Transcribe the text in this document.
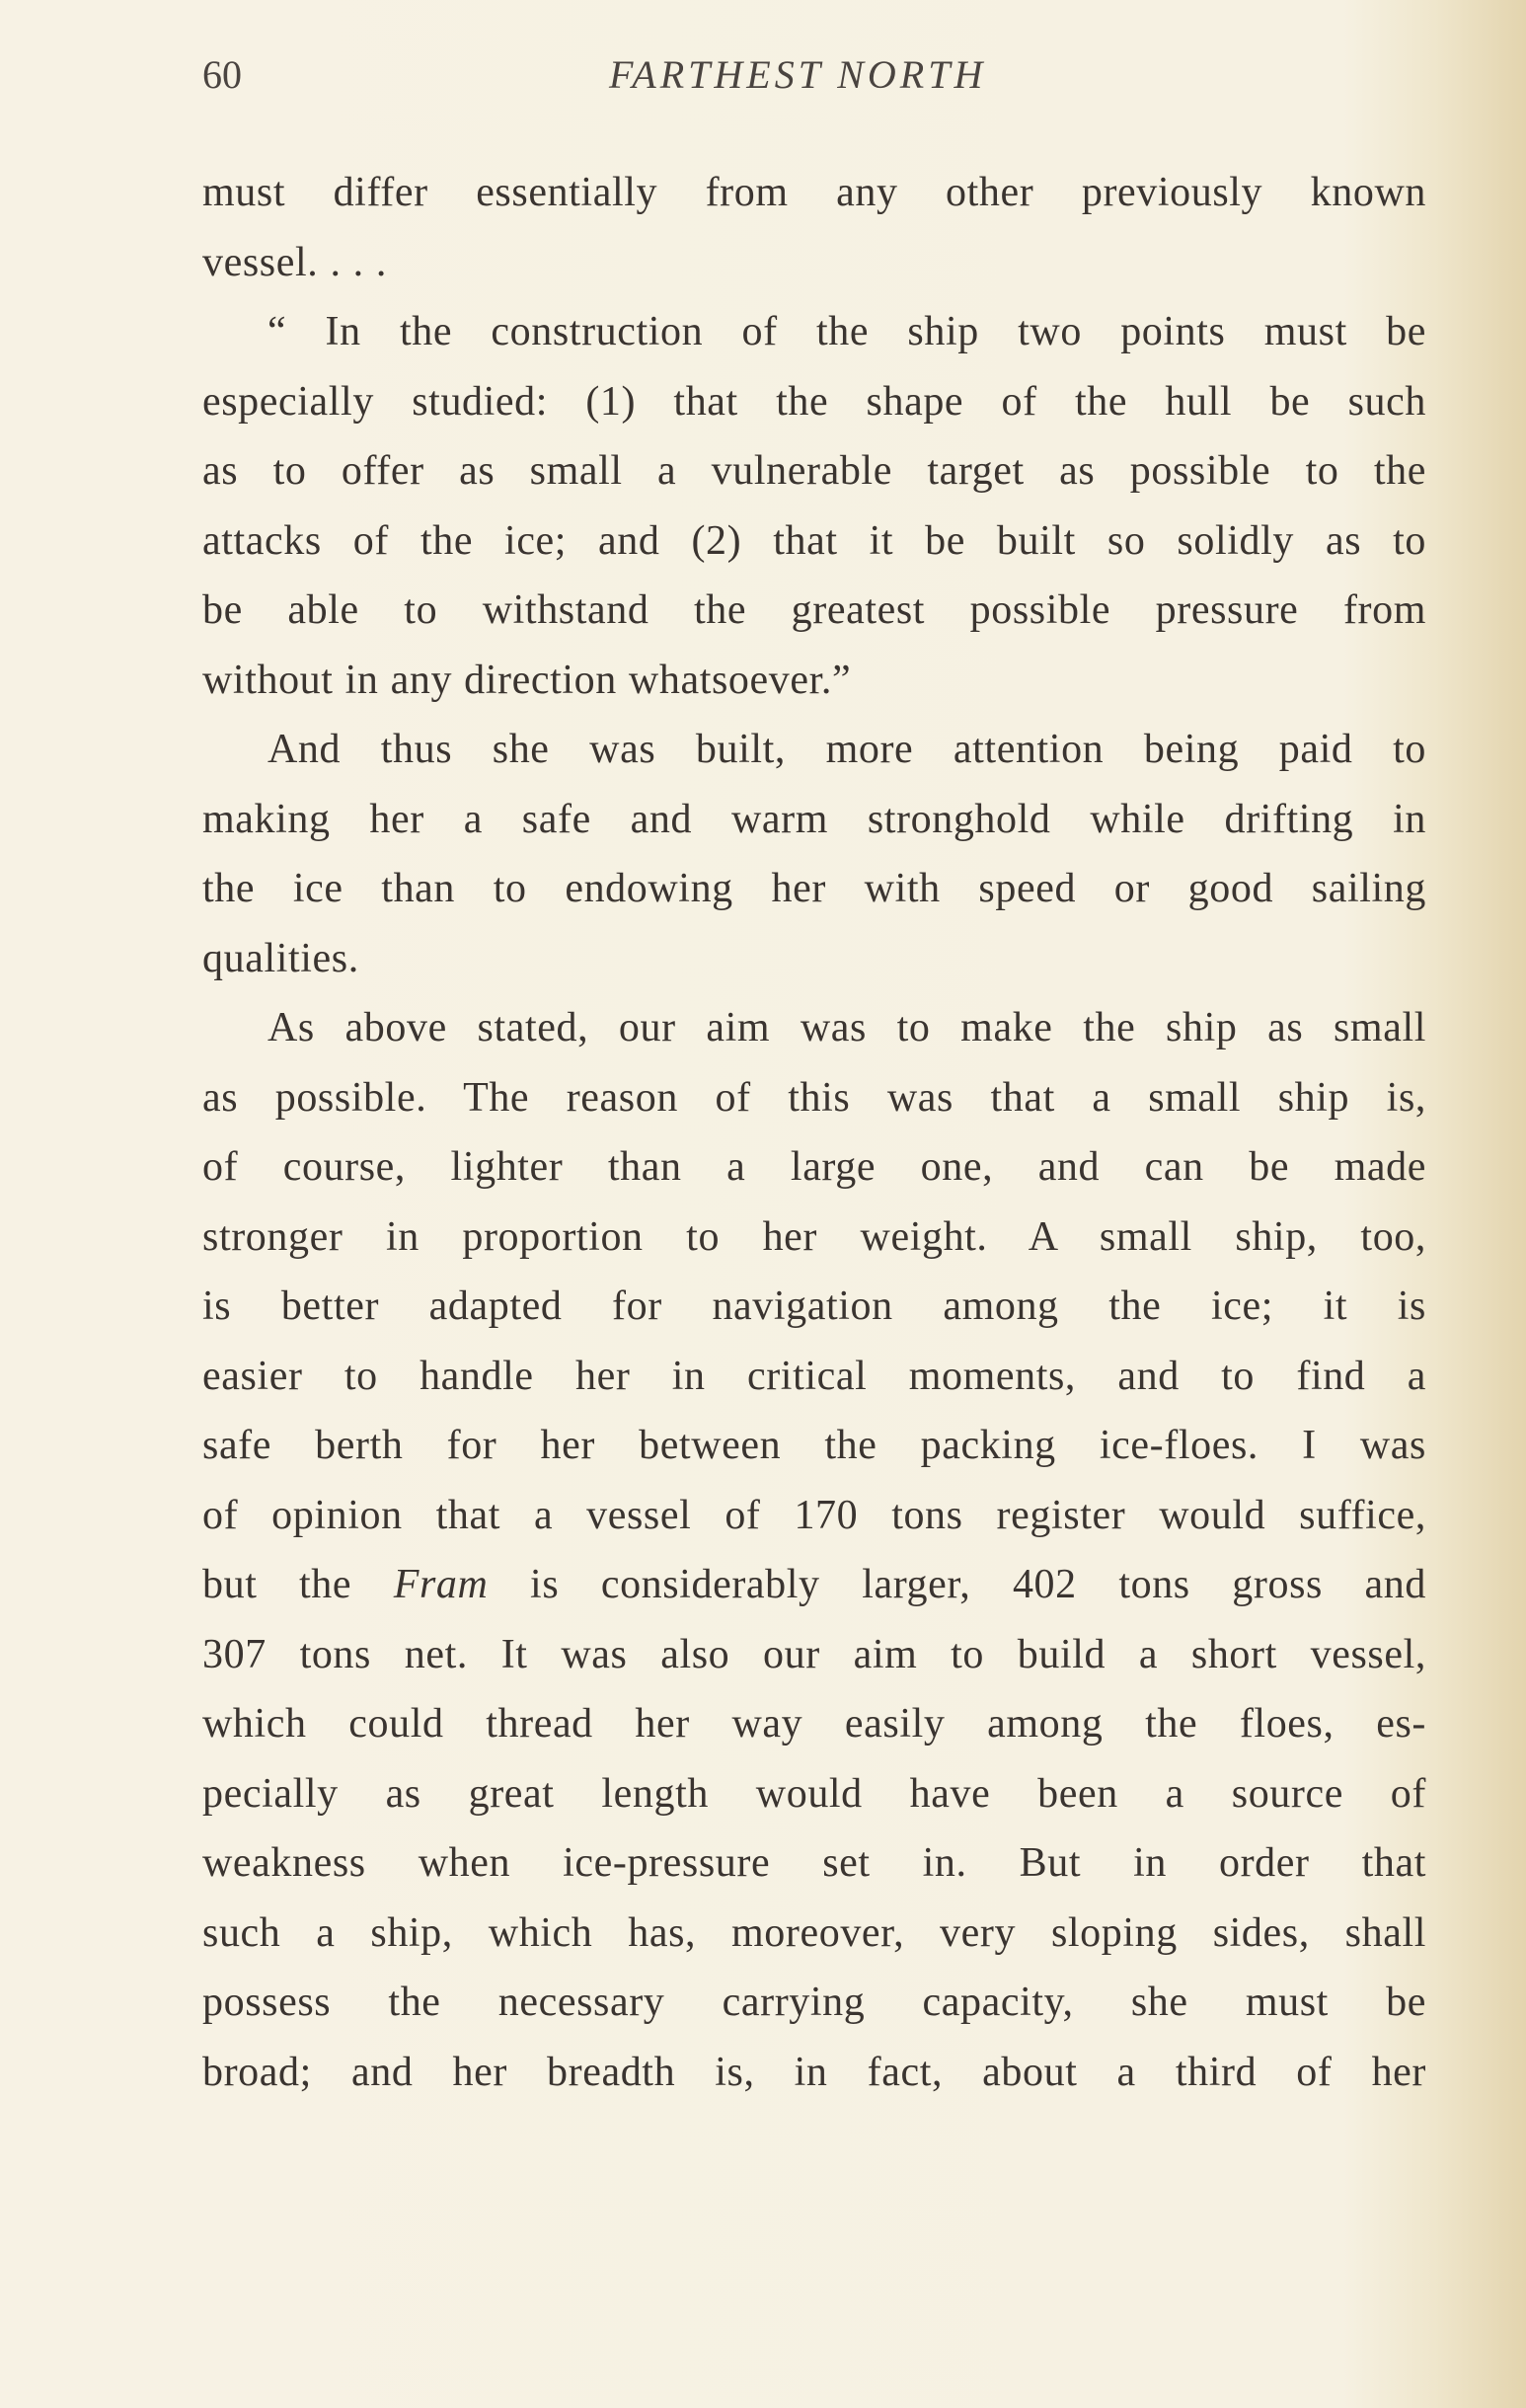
60	FARTHEST NORTH
must differ essentially from any other previously known
vessel. . . .
“ In the construction of the ship two points must be
especially studied: (1) that the shape of the hull be such
as to offer as small a vulnerable target as possible to the
attacks of the ice; and (2) that it be built so solidly as to
be able to withstand the greatest possible pressure from
without in any direction whatsoever.”
And thus she was built, more attention being paid to
making her a safe and warm stronghold while drifting in
the ice than to endowing her with speed or good sailing
qualities.
As above stated, our aim was to make the ship as small
as possible. The reason of this was that a small ship is,
of course, lighter than a large one, and can be made
stronger in proportion to her weight. A small ship, too,
is better adapted for navigation among the ice; it is
easier to handle her in critical moments, and to find a
safe berth for her between the packing ice-floes. I was
of opinion that a vessel of 170 tons register would suffice,
but the Fram is considerably larger, 402 tons gross and
307 tons net. It was also our aim to build a short vessel,
which could thread her way easily among the floes, es-
pecially as great length would have been a source of
weakness when ice-pressure set in. But in order that
such a ship, which has, moreover, very sloping sides, shall
possess the necessary carrying capacity, she must be
broad; and her breadth is, in fact, about a third of her
